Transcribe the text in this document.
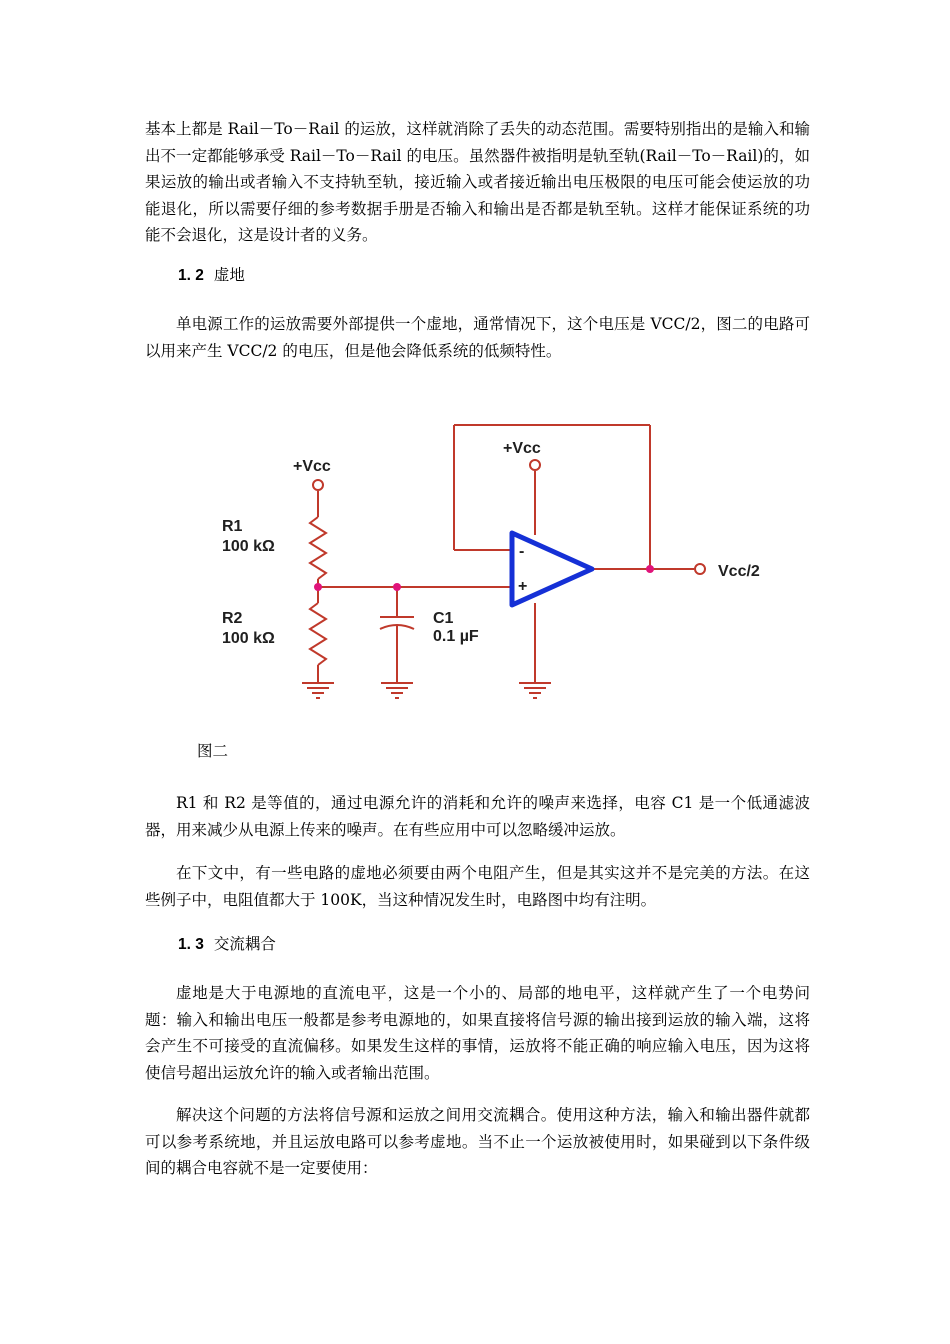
基本上都是 Rail－To－Rail 的运放，这样就消除了丢失的动态范围。需要特别指出的是输入和输出不一定都能够承受 Rail－To－Rail 的电压。虽然器件被指明是轨至轨(Rail－To－Rail)的，如果运放的输出或者输入不支持轨至轨，接近输入或者接近输出电压极限的电压可能会使运放的功能退化，所以需要仔细的参考数据手册是否输入和输出是否都是轨至轨。这样才能保证系统的功能不会退化，这是设计者的义务。

1. 2 虚地

单电源工作的运放需要外部提供一个虚地，通常情况下，这个电压是 VCC/2，图二的电路可以用来产生 VCC/2 的电压，但是他会降低系统的低频特性。

-
+
+Vcc
+Vcc
R1
100 kΩ
R2
100 kΩ
C1
0.1 µF
Vcc/2

图二

R1 和 R2 是等值的，通过电源允许的消耗和允许的噪声来选择，电容 C1 是一个低通滤波器，用来减少从电源上传来的噪声。在有些应用中可以忽略缓冲运放。

在下文中，有一些电路的虚地必须要由两个电阻产生，但是其实这并不是完美的方法。在这些例子中，电阻值都大于 100K，当这种情况发生时，电路图中均有注明。

1. 3 交流耦合

虚地是大于电源地的直流电平，这是一个小的、局部的地电平，这样就产生了一个电势问题：输入和输出电压一般都是参考电源地的，如果直接将信号源的输出接到运放的输入端，这将会产生不可接受的直流偏移。如果发生这样的事情，运放将不能正确的响应输入电压，因为这将使信号超出运放允许的输入或者输出范围。

解决这个问题的方法将信号源和运放之间用交流耦合。使用这种方法，输入和输出器件就都可以参考系统地，并且运放电路可以参考虚地。当不止一个运放被使用时，如果碰到以下条件级间的耦合电容就不是一定要使用：
